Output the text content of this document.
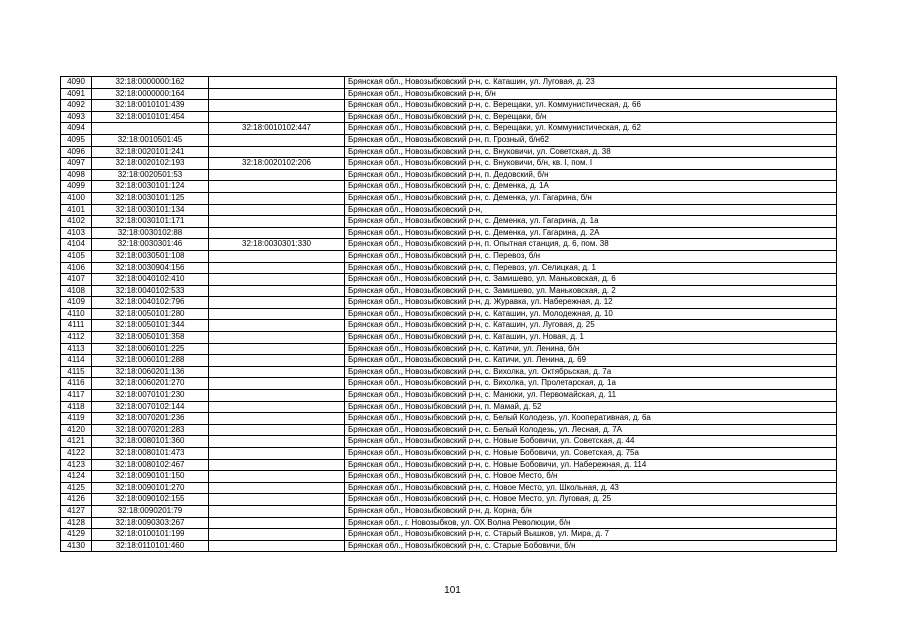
4090	32:18:0000000:162		Брянская обл., Новозыбковский р-н, с. Каташин, ул. Луговая, д. 23
4091	32:18:0000000:164		Брянская обл., Новозыбковский р-н, б/н
4092	32:18:0010101:439		Брянская обл., Новозыбковский р-н, с. Верещаки, ул. Коммунистическая, д. 66
4093	32:18:0010101:454		Брянская обл., Новозыбковский р-н, с. Верещаки, б/н
4094		32:18:0010102:447	Брянская обл., Новозыбковский р-н, с. Верещаки, ул. Коммунистическая, д. 62
4095	32:18:0010501:45		Брянская обл., Новозыбковский р-н, п. Грозный, б/н62
4096	32:18:0020101:241		Брянская обл., Новозыбковский р-н, с. Внуковичи, ул. Советская, д. 38
4097	32:18:0020102:193	32:18:0020102:206	Брянская обл., Новозыбковский р-н, с. Внуковичи, б/н, кв. I, пом. I
4098	32:18:0020501:53		Брянская обл., Новозыбковский р-н, п. Дедовский, б/н
4099	32:18:0030101:124		Брянская обл., Новозыбковский р-н, с. Деменка, д. 1А
4100	32:18:0030101:125		Брянская обл., Новозыбковский р-н, с. Деменка, ул. Гагарина, б/н
4101	32:18:0030101:134		Брянская обл., Новозыбковский р-н,
4102	32:18:0030101:171		Брянская обл., Новозыбковский р-н, с. Деменка, ул. Гагарина, д. 1а
4103	32:18:0030102:88		Брянская обл., Новозыбковский р-н, с. Деменка, ул. Гагарина, д. 2А
4104	32:18:0030301:46	32:18:0030301:330	Брянская обл., Новозыбковский р-н, п. Опытная станция, д. 6, пом. 38
4105	32:18:0030501:108		Брянская обл., Новозыбковский р-н, с. Перевоз, б/н
4106	32:18:0030904:156		Брянская обл., Новозыбковский р-н, с. Перевоз, ул. Селицкая, д. 1
4107	32:18:0040102:410		Брянская обл., Новозыбковский р-н, с. Замишево, ул. Маньковская, д. 6
4108	32:18:0040102:533		Брянская обл., Новозыбковский р-н, с. Замишево, ул. Маньковская, д. 2
4109	32:18:0040102:796		Брянская обл., Новозыбковский р-н, д. Журавка, ул. Набережная, д. 12
4110	32:18:0050101:280		Брянская обл., Новозыбковский р-н, с. Каташин, ул. Молодежная, д. 10
4111	32:18:0050101:344		Брянская обл., Новозыбковский р-н, с. Каташин, ул. Луговая, д. 25
4112	32:18:0050101:358		Брянская обл., Новозыбковский р-н, с. Каташин, ул. Новая, д. 1
4113	32:18:0060101:225		Брянская обл., Новозыбковский р-н, с. Катичи, ул. Ленина, б/н
4114	32:18:0060101:288		Брянская обл., Новозыбковский р-н, с. Катичи, ул. Ленина, д. 69
4115	32:18:0060201:136		Брянская обл., Новозыбковский р-н, с. Вихолка, ул. Октябрьская, д. 7а
4116	32:18:0060201:270		Брянская обл., Новозыбковский р-н, с. Вихолка, ул. Пролетарская, д. 1а
4117	32:18:0070101:230		Брянская обл., Новозыбковский р-н, с. Манюки, ул. Первомайская, д. 11
4118	32:18:0070102:144		Брянская обл., Новозыбковский р-н, п. Мамай, д. 52
4119	32:18:0070201:236		Брянская обл., Новозыбковский р-н, с. Белый Колодезь, ул. Кооперативная, д. 6а
4120	32:18:0070201:283		Брянская обл., Новозыбковский р-н, с. Белый Колодезь, ул. Лесная, д. 7А
4121	32:18:0080101:360		Брянская обл., Новозыбковский р-н, с. Новые Бобовичи, ул. Советская, д. 44
4122	32:18:0080101:473		Брянская обл., Новозыбковский р-н, с. Новые Бобовичи, ул. Советская, д. 75а
4123	32:18:0080102:467		Брянская обл., Новозыбковский р-н, с. Новые Бобовичи, ул. Набережная, д. 114
4124	32:18:0090101:150		Брянская обл., Новозыбковский р-н, с. Новое Место, б/н
4125	32:18:0090101:270		Брянская обл., Новозыбковский р-н, с. Новое Место, ул. Школьная, д. 43
4126	32:18:0090102:155		Брянская обл., Новозыбковский р-н, с. Новое Место, ул. Луговая, д. 25
4127	32:18:0090201:79		Брянская обл., Новозыбковский р-н, д. Корна, б/н
4128	32:18:0090303:267		Брянская обл., г. Новозыбков, ул. ОХ Волна Революции, б/н
4129	32:18:0100101:199		Брянская обл., Новозыбковский р-н, с. Старый Вышков, ул. Мира, д. 7
4130	32:18:0110101:460		Брянская обл., Новозыбковский р-н, с. Старые Бобовичи, б/н
101
